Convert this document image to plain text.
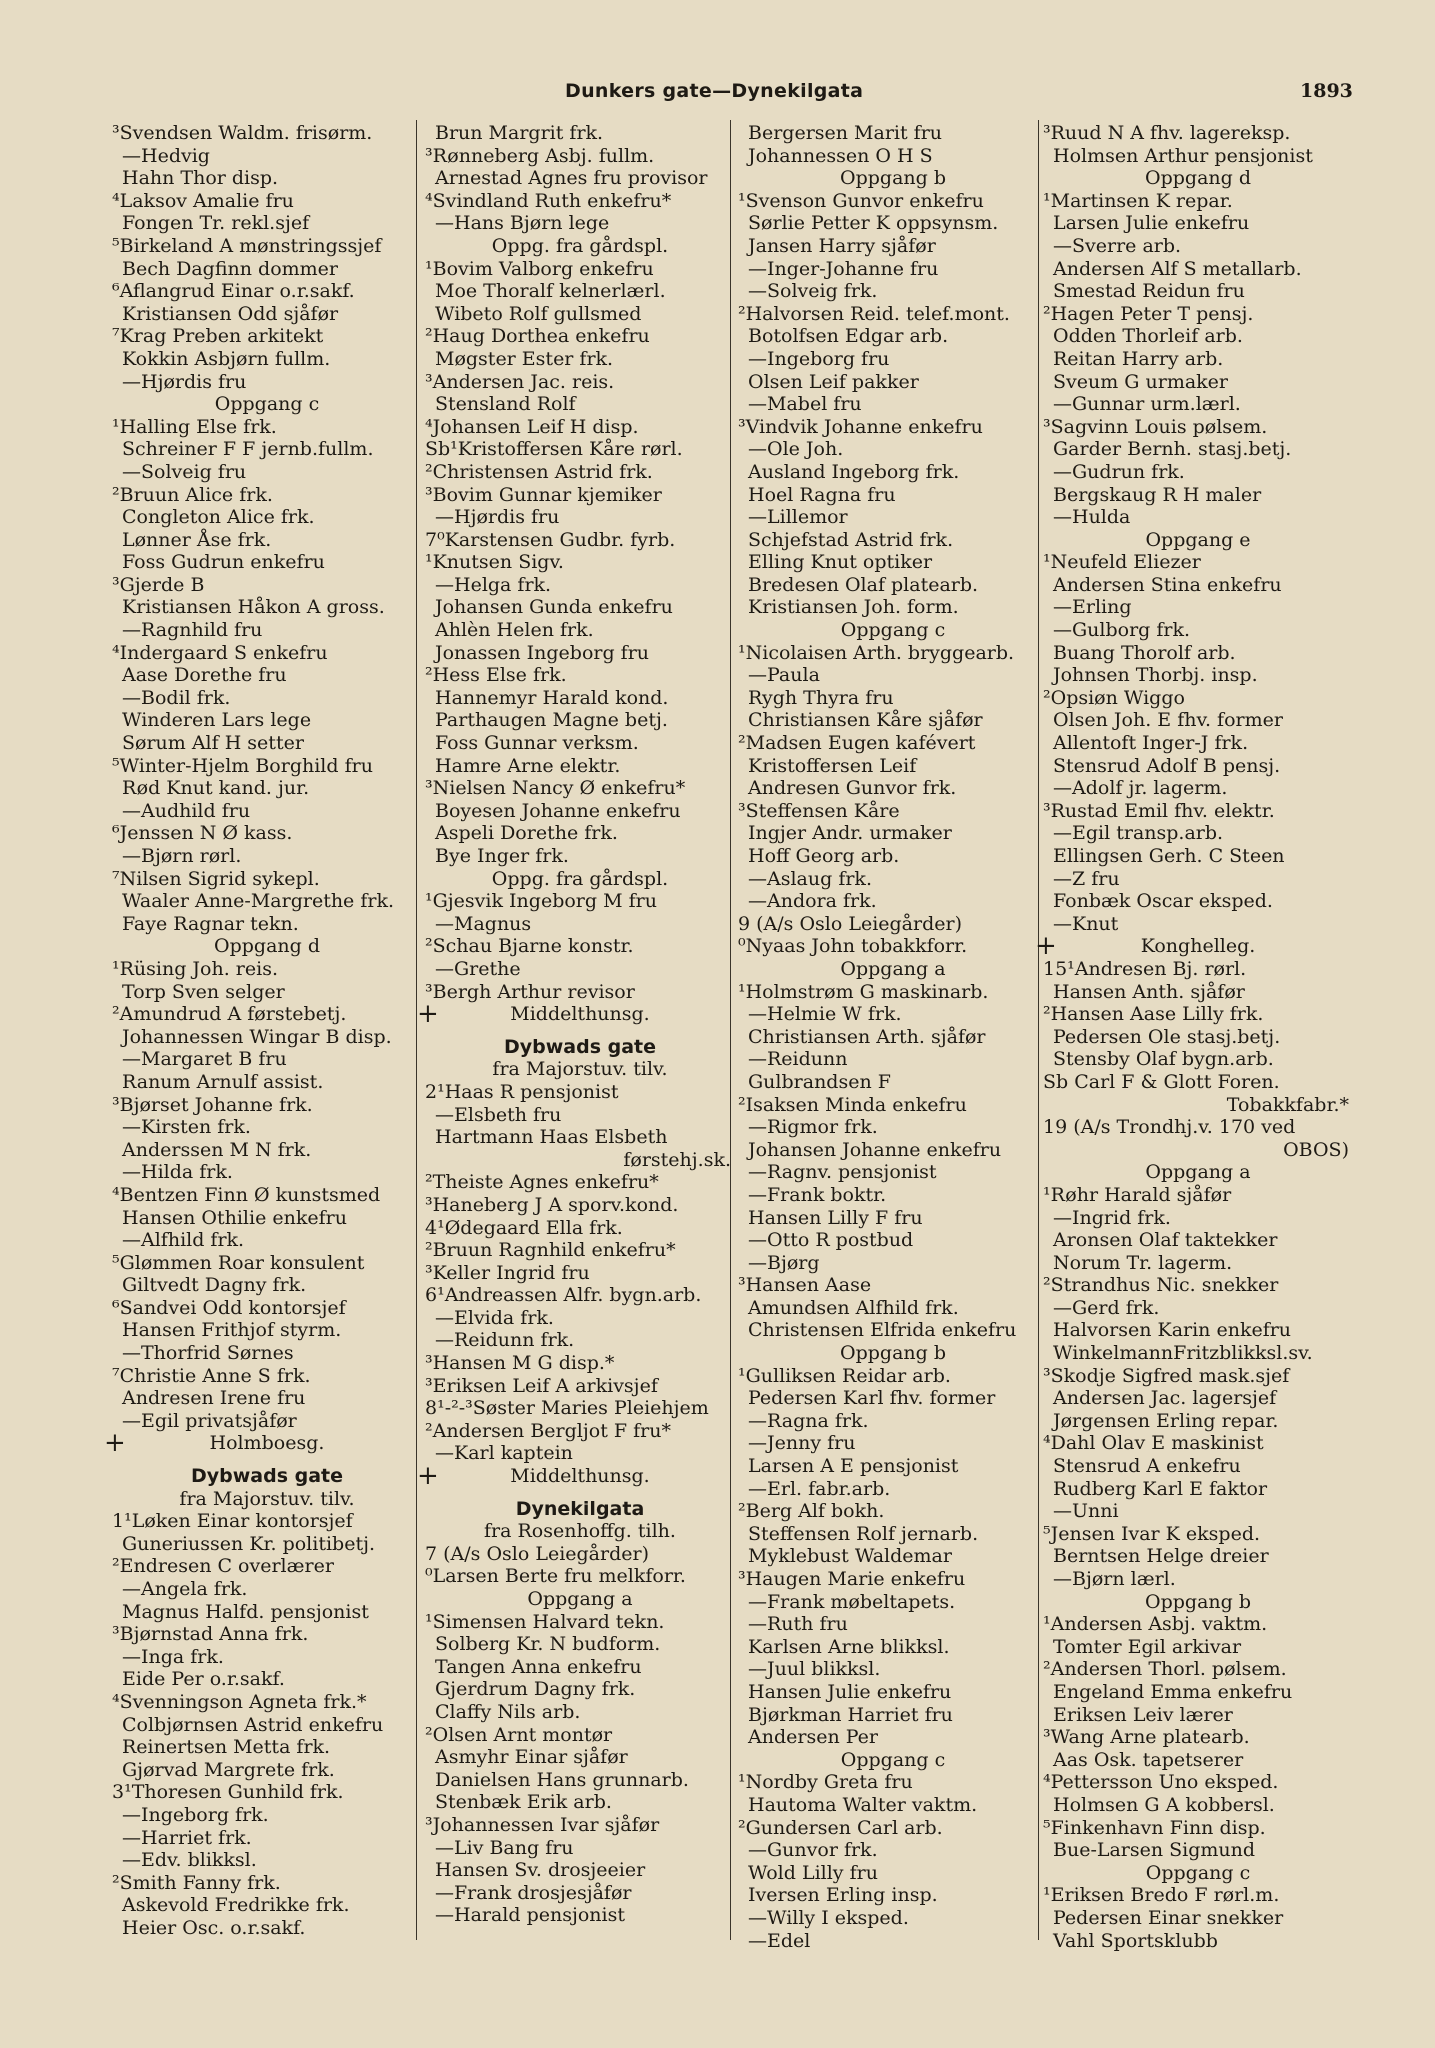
Dunkers gate—Dynekilgata	1893
³Svendsen Waldm. frisørm.
—Hedvig
Hahn Thor disp.
⁴Laksov Amalie fru
Fongen Tr. rekl.sjef
⁵Birkeland A mønstringssjef
Bech Dagfinn dommer
⁶Aflangrud Einar o.r.sakf.
Kristiansen Odd sjåfør
⁷Krag Preben arkitekt
Kokkin Asbjørn fullm.
—Hjørdis fru
Oppgang c
¹Halling Else frk.
Schreiner F F jernb.fullm.
—Solveig fru
²Bruun Alice frk.
Congleton Alice frk.
Lønner Åse frk.
Foss Gudrun enkefru
³Gjerde B
Kristiansen Håkon A gross.
—Ragnhild fru
⁴Indergaard S enkefru
Aase Dorethe fru
—Bodil frk.
Winderen Lars lege
Sørum Alf H setter
⁵Winter-Hjelm Borghild fru
Rød Knut kand. jur.
—Audhild fru
⁶Jenssen N Ø kass.
—Bjørn rørl.
⁷Nilsen Sigrid sykepl.
Waaler Anne-Margrethe frk.
Faye Ragnar tekn.
Oppgang d
¹Rüsing Joh. reis.
Torp Sven selger
²Amundrud A førstebetj.
Johannessen Wingar B disp.
—Margaret B fru
Ranum Arnulf assist.
³Bjørset Johanne frk.
—Kirsten frk.
Anderssen M N frk.
—Hilda frk.
⁴Bentzen Finn Ø kunstsmed
Hansen Othilie enkefru
—Alfhild frk.
⁵Glømmen Roar konsulent
Giltvedt Dagny frk.
⁶Sandvei Odd kontorsjef
Hansen Frithjof styrm.
—Thorfrid Sørnes
⁷Christie Anne S frk.
Andresen Irene fru
—Egil privatsjåfør
+	Holmboesg.
Dybwads gate
fra Majorstuv. tilv.
1¹Løken Einar kontorsjef
Guneriussen Kr. politibetj.
²Endresen C overlærer
—Angela frk.
Magnus Halfd. pensjonist
³Bjørnstad Anna frk.
—Inga frk.
Eide Per o.r.sakf.
⁴Svenningson Agneta frk.*
Colbjørnsen Astrid enkefru
Reinertsen Metta frk.
Gjørvad Margrete frk.
3¹Thoresen Gunhild frk.
—Ingeborg frk.
—Harriet frk.
—Edv. blikksl.
²Smith Fanny frk.
Askevold Fredrikke frk.
Heier Osc. o.r.sakf.
Brun Margrit frk.
³Rønneberg Asbj. fullm.
Arnestad Agnes fru provisor
⁴Svindland Ruth enkefru*
—Hans Bjørn lege
Oppg. fra gårdspl.
¹Bovim Valborg enkefru
Moe Thoralf kelnerlærl.
Wibeto Rolf gullsmed
²Haug Dorthea enkefru
Møgster Ester frk.
³Andersen Jac. reis.
Stensland Rolf
⁴Johansen Leif H disp.
Sb¹Kristoffersen Kåre rørl.
²Christensen Astrid frk.
³Bovim Gunnar kjemiker
—Hjørdis fru
7⁰Karstensen Gudbr. fyrb.
¹Knutsen Sigv.
—Helga frk.
Johansen Gunda enkefru
Ahlèn Helen frk.
Jonassen Ingeborg fru
²Hess Else frk.
Hannemyr Harald kond.
Parthaugen Magne betj.
Foss Gunnar verksm.
Hamre Arne elektr.
³Nielsen Nancy Ø enkefru*
Boyesen Johanne enkefru
Aspeli Dorethe frk.
Bye Inger frk.
Oppg. fra gårdspl.
¹Gjesvik Ingeborg M fru
—Magnus
²Schau Bjarne konstr.
—Grethe
³Bergh Arthur revisor
+	Middelthunsg.
Dybwads gate
fra Majorstuv. tilv.
2¹Haas R pensjonist
—Elsbeth fru
Hartmann Haas Elsbeth
førstehj.sk.
²Theiste Agnes enkefru*
³Haneberg J A sporv.kond.
4¹Ødegaard Ella frk.
²Bruun Ragnhild enkefru*
³Keller Ingrid fru
6¹Andreassen Alfr. bygn.arb.
—Elvida frk.
—Reidunn frk.
³Hansen M G disp.*
³Eriksen Leif A arkivsjef
8¹-²-³Søster Maries Pleiehjem
²Andersen Bergljot F fru*
—Karl kaptein
+	Middelthunsg.
Dynekilgata
fra Rosenhoffg. tilh.
7 (A/s Oslo Leiegårder)
⁰Larsen Berte fru melkforr.
Oppgang a
¹Simensen Halvard tekn.
Solberg Kr. N budform.
Tangen Anna enkefru
Gjerdrum Dagny frk.
Claffy Nils arb.
²Olsen Arnt montør
Asmyhr Einar sjåfør
Danielsen Hans grunnarb.
Stenbæk Erik arb.
³Johannessen Ivar sjåfør
—Liv Bang fru
Hansen Sv. drosjeeier
—Frank drosjesjåfør
—Harald pensjonist
Bergersen Marit fru
Johannessen O H S
Oppgang b
¹Svenson Gunvor enkefru
Sørlie Petter K oppsynsm.
Jansen Harry sjåfør
—Inger-Johanne fru
—Solveig frk.
²Halvorsen Reid. telef.mont.
Botolfsen Edgar arb.
—Ingeborg fru
Olsen Leif pakker
—Mabel fru
³Vindvik Johanne enkefru
—Ole Joh.
Ausland Ingeborg frk.
Hoel Ragna fru
—Lillemor
Schjefstad Astrid frk.
Elling Knut optiker
Bredesen Olaf platearb.
Kristiansen Joh. form.
Oppgang c
¹Nicolaisen Arth. bryggearb.
—Paula
Rygh Thyra fru
Christiansen Kåre sjåfør
²Madsen Eugen kafévert
Kristoffersen Leif
Andresen Gunvor frk.
³Steffensen Kåre
Ingjer Andr. urmaker
Hoff Georg arb.
—Aslaug frk.
—Andora frk.
9 (A/s Oslo Leiegårder)
⁰Nyaas John tobakkforr.
Oppgang a
¹Holmstrøm G maskinarb.
—Helmie W frk.
Christiansen Arth. sjåfør
—Reidunn
Gulbrandsen F
²Isaksen Minda enkefru
—Rigmor frk.
Johansen Johanne enkefru
—Ragnv. pensjonist
—Frank boktr.
Hansen Lilly F fru
—Otto R postbud
—Bjørg
³Hansen Aase
Amundsen Alfhild frk.
Christensen Elfrida enkefru
Oppgang b
¹Gulliksen Reidar arb.
Pedersen Karl fhv. former
—Ragna frk.
—Jenny fru
Larsen A E pensjonist
—Erl. fabr.arb.
²Berg Alf bokh.
Steffensen Rolf jernarb.
Myklebust Waldemar
³Haugen Marie enkefru
—Frank møbeltapets.
—Ruth fru
Karlsen Arne blikksl.
—Juul blikksl.
Hansen Julie enkefru
Bjørkman Harriet fru
Andersen Per
Oppgang c
¹Nordby Greta fru
Hautoma Walter vaktm.
²Gundersen Carl arb.
—Gunvor frk.
Wold Lilly fru
Iversen Erling insp.
—Willy I eksped.
—Edel
³Ruud N A fhv. lagereksp.
Holmsen Arthur pensjonist
Oppgang d
¹Martinsen K repar.
Larsen Julie enkefru
—Sverre arb.
Andersen Alf S metallarb.
Smestad Reidun fru
²Hagen Peter T pensj.
Odden Thorleif arb.
Reitan Harry arb.
Sveum G urmaker
—Gunnar urm.lærl.
³Sagvinn Louis pølsem.
Garder Bernh. stasj.betj.
—Gudrun frk.
Bergskaug R H maler
—Hulda
Oppgang e
¹Neufeld Eliezer
Andersen Stina enkefru
—Erling
—Gulborg frk.
Buang Thorolf arb.
Johnsen Thorbj. insp.
²Opsiøn Wiggo
Olsen Joh. E fhv. former
Allentoft Inger-J frk.
Stensrud Adolf B pensj.
—Adolf jr. lagerm.
³Rustad Emil fhv. elektr.
—Egil transp.arb.
Ellingsen Gerh. C Steen
—Z fru
Fonbæk Oscar eksped.
—Knut
+	Konghelleg.
15¹Andresen Bj. rørl.
Hansen Anth. sjåfør
²Hansen Aase Lilly frk.
Pedersen Ole stasj.betj.
Stensby Olaf bygn.arb.
Sb Carl F & Glott Foren.
Tobakkfabr.*
19 (A/s Trondhj.v. 170 ved
OBOS)
Oppgang a
¹Røhr Harald sjåfør
—Ingrid frk.
Aronsen Olaf taktekker
Norum Tr. lagerm.
²Strandhus Nic. snekker
—Gerd frk.
Halvorsen Karin enkefru
WinkelmannFritzblikksl.sv.
³Skodje Sigfred mask.sjef
Andersen Jac. lagersjef
Jørgensen Erling repar.
⁴Dahl Olav E maskinist
Stensrud A enkefru
Rudberg Karl E faktor
—Unni
⁵Jensen Ivar K eksped.
Berntsen Helge dreier
—Bjørn lærl.
Oppgang b
¹Andersen Asbj. vaktm.
Tomter Egil arkivar
²Andersen Thorl. pølsem.
Engeland Emma enkefru
Eriksen Leiv lærer
³Wang Arne platearb.
Aas Osk. tapetserer
⁴Pettersson Uno eksped.
Holmsen G A kobbersl.
⁵Finkenhavn Finn disp.
Bue-Larsen Sigmund
Oppgang c
¹Eriksen Bredo F rørl.m.
Pedersen Einar snekker
Vahl Sportsklubb
